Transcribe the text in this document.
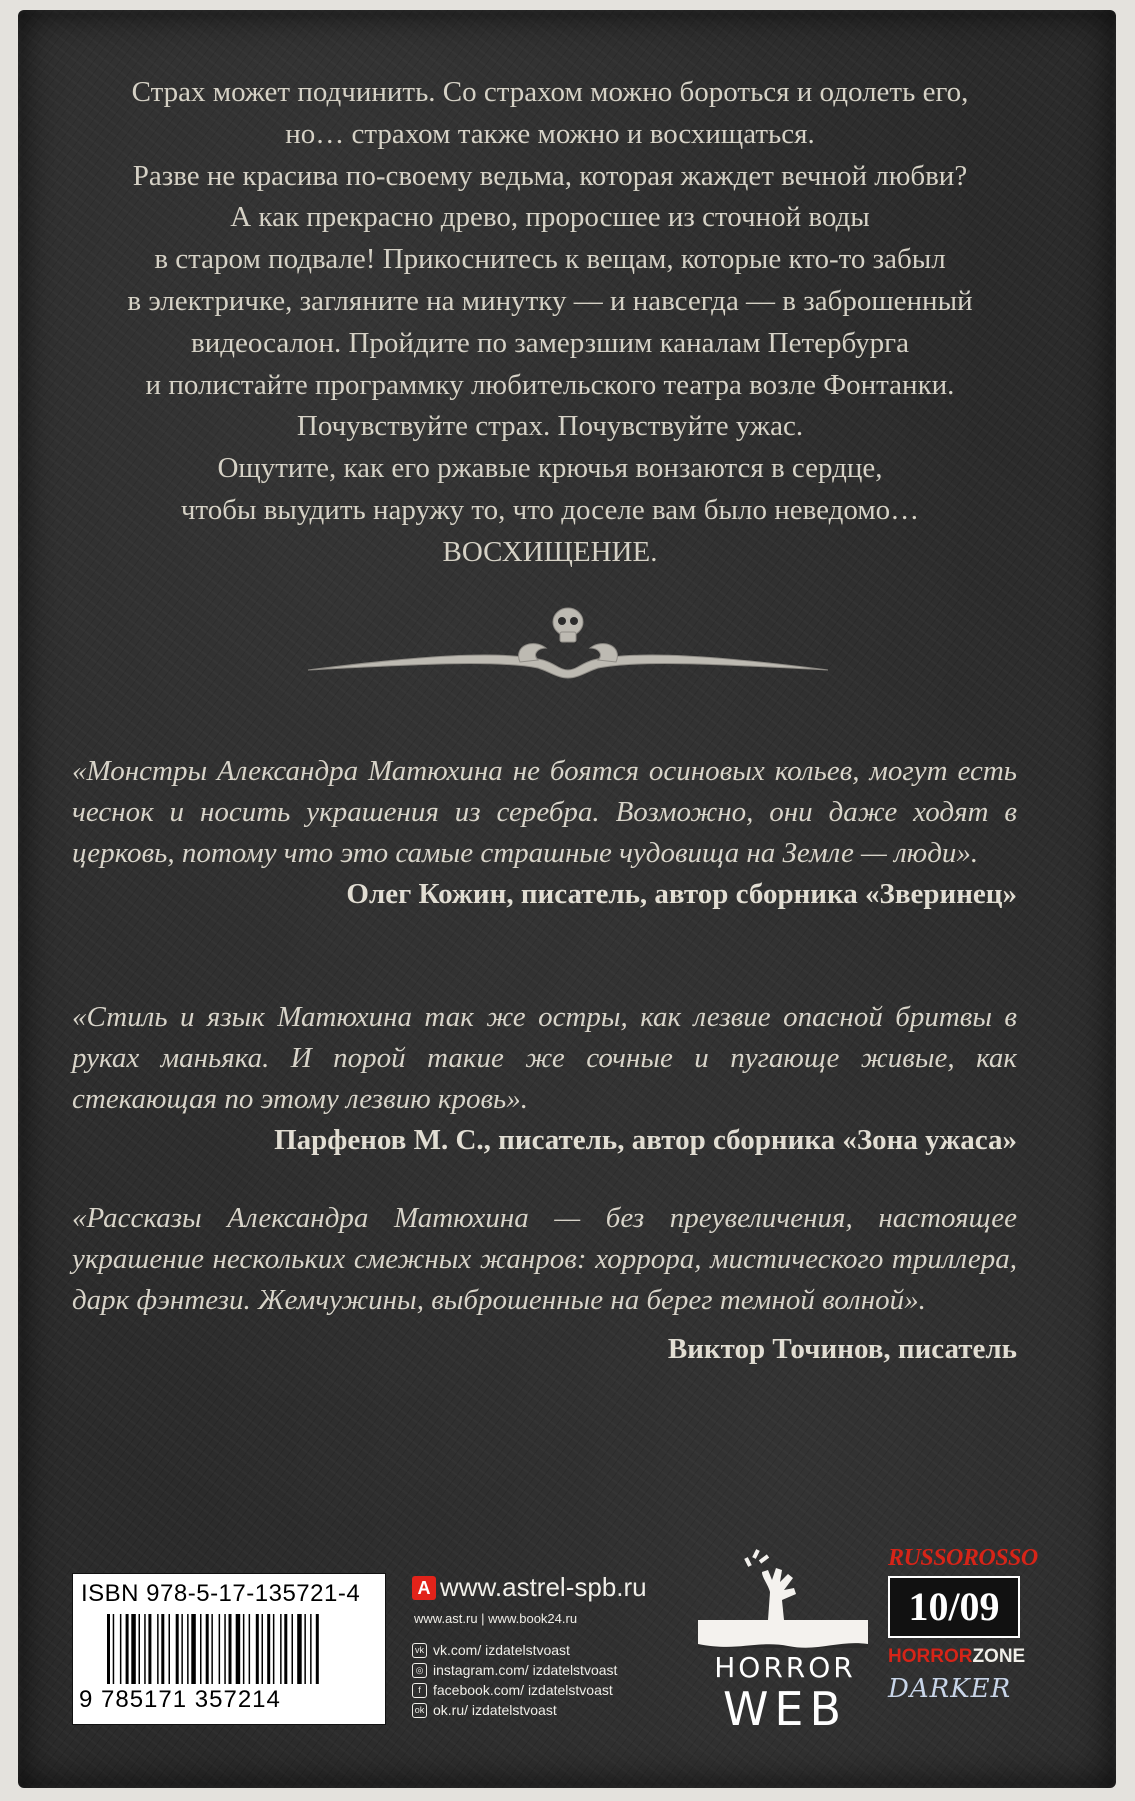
Страх может подчинить. Со страхом можно бороться и одолеть его,
но… страхом также можно и восхищаться.
Разве не красива по-своему ведьма, которая жаждет вечной любви?
А как прекрасно древо, проросшее из сточной воды
в старом подвале! Прикоснитесь к вещам, которые кто-то забыл
в электричке, загляните на минутку — и навсегда — в заброшенный
видеосалон. Пройдите по замерзшим каналам Петербурга
и полистайте программку любительского театра возле Фонтанки.
Почувствуйте страх. Почувствуйте ужас.
Ощутите, как его ржавые крючья вонзаются в сердце,
чтобы выудить наружу то, что доселе вам было неведомо…
ВОСХИЩЕНИЕ.
«Монстры Александра Матюхина не боятся осиновых кольев, могут есть чеснок и носить украшения из серебра. Возможно, они даже ходят в церковь, потому что это самые страшные чудовища на Земле — люди».
Олег Кожин, писатель, автор сборника «Зверинец»
«Стиль и язык Матюхина так же остры, как лезвие опасной бритвы в руках маньяка. И порой такие же сочные и пугающе живые, как стекающая по этому лезвию кровь».
Парфенов М. С., писатель, автор сборника «Зона ужаса»
«Рассказы Александра Матюхина — без преувеличения, настоящее украшение нескольких смежных жанров: хоррора, мистического триллера, дарк фэнтези. Жемчужины, выброшенные на берег темной волной».
Виктор Точинов, писатель
ISBN 978-5-17-135721-4
9 785171 357214
A www.astrel-spb.ru
www.ast.ru | www.book24.ru
vk vk.com/ izdatelstvoast
◎ instagram.com/ izdatelstvoast
f facebook.com/ izdatelstvoast
ok ok.ru/ izdatelstvoast
HORROR
WEB
RUSSOROSSO
10/09
HORRORZONE
DARKER
